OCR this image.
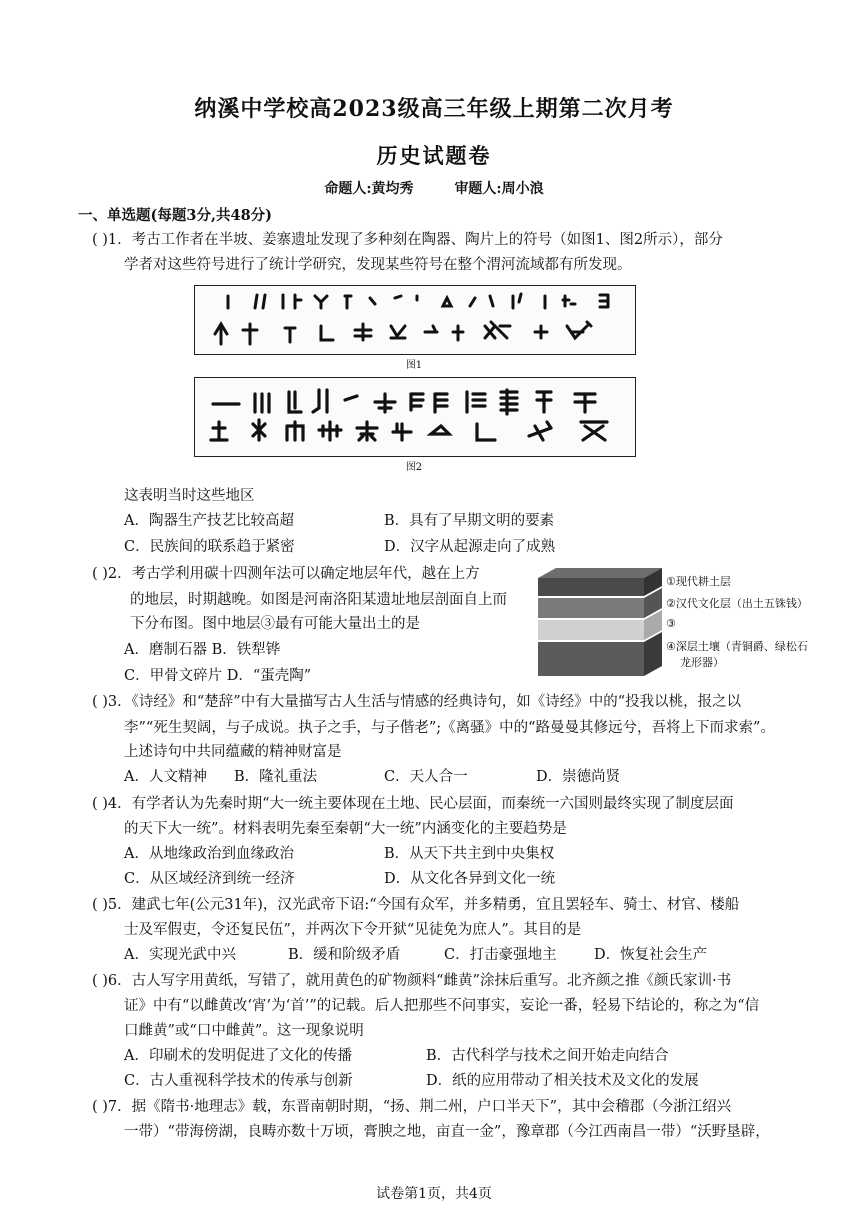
纳溪中学校高2023级高三年级上期第二次月考
历史试题卷
命题人:黄均秀	审题人:周小浪
一、单选题(每题3分,共48分)
( )1．考古工作者在半坡、姜寨遗址发现了多种刻在陶器、陶片上的符号（如图1、图2所示），部分
学者对这些符号进行了统计学研究，发现某些符号在整个渭河流域都有所发现。
图1
图2
这表明当时这些地区
A．陶器生产技艺比较高超	B．具有了早期文明的要素
C．民族间的联系趋于紧密	D．汉字从起源走向了成熟
( )2．考古学利用碳十四测年法可以确定地层年代，越在上方
的地层，时期越晚。如图是河南洛阳某遗址地层剖面自上而
下分布图。图中地层③最有可能大量出土的是
A．磨制石器 B．铁犁铧
C．甲骨文碎片 D．“蛋壳陶”
①现代耕土层
②汉代文化层（出土五铢钱）
③
④深层土壤（青铜爵、绿松石
龙形器）
( )3．《诗经》和“楚辞”中有大量描写古人生活与情感的经典诗句，如《诗经》中的“投我以桃，报之以
李”“死生契阔，与子成说。执子之手，与子偕老”;《离骚》中的“路曼曼其修远兮，吾将上下而求索”。
上述诗句中共同蕴藏的精神财富是
A．人文精神 B．隆礼重法	C．天人合一	D．崇德尚贤
( )4．有学者认为先秦时期“大一统主要体现在土地、民心层面，而秦统一六国则最终实现了制度层面
的天下大一统”。材料表明先秦至秦朝“大一统”内涵变化的主要趋势是
A．从地缘政治到血缘政治	B．从天下共主到中央集权
C．从区域经济到统一经济	D．从文化各异到文化一统
( )5．建武七年(公元31年)，汉光武帝下诏:“今国有众军，并多精勇，宜且罢轻车、骑士、材官、楼船
士及军假吏，令还复民伍”，并两次下令开狱“见徒免为庶人”。其目的是
A．实现光武中兴	B．缓和阶级矛盾	C．打击豪强地主	D．恢复社会生产
( )6．古人写字用黄纸，写错了，就用黄色的矿物颜料“雌黄”涂抹后重写。北齐颜之推《颜氏家训·书
证》中有“以雌黄改‘宵’为‘首’”的记载。后人把那些不问事实，妄论一番，轻易下结论的，称之为“信
口雌黄”或“口中雌黄”。这一现象说明
A．印刷术的发明促进了文化的传播	B．古代科学与技术之间开始走向结合
C．古人重视科学技术的传承与创新	D．纸的应用带动了相关技术及文化的发展
( )7．据《隋书·地理志》载，东晋南朝时期，“扬、荆二州，户口半天下”，其中会稽郡（今浙江绍兴
一带）“带海傍湖，良畴亦数十万顷，膏腴之地，亩直一金”，豫章郡（今江西南昌一带）“沃野垦辟，
试卷第1页，共4页
